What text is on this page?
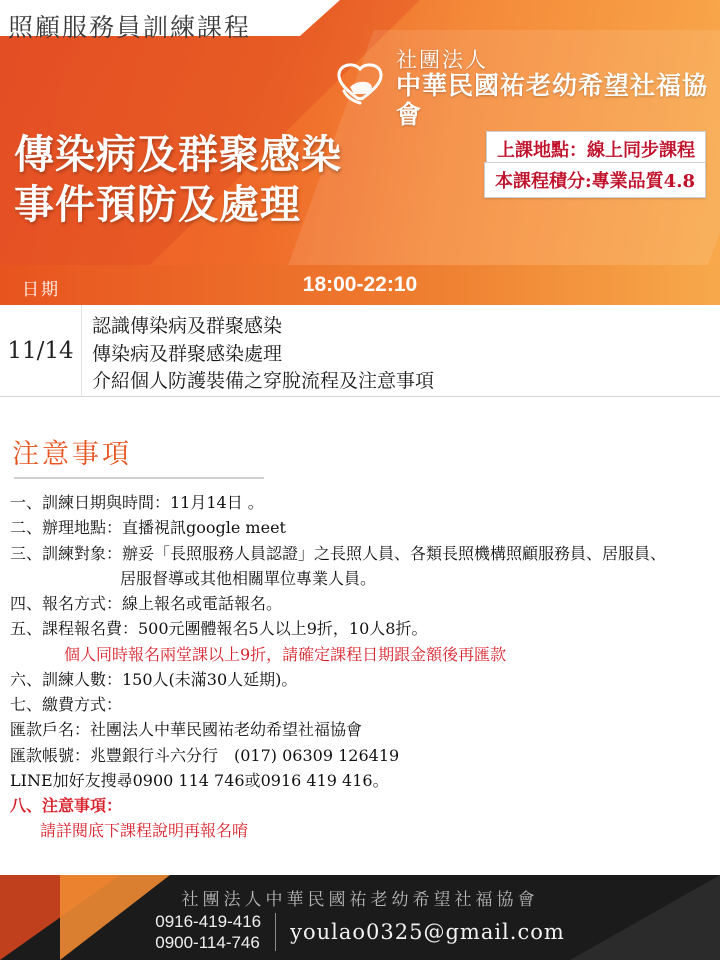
照顧服務員訓練課程
社團法人
中華民國祐老幼希望社福協會
傳染病及群聚感染
事件預防及處理
上課地點：線上同步課程
本課程積分:專業品質4.8
日期	18:00-22:10
11/14
認識傳染病及群聚感染
傳染病及群聚感染處理
介紹個人防護裝備之穿脫流程及注意事項
注意事項
一、訓練日期與時間：11月14日 。
二、辦理地點：直播視訊google meet
三、訓練對象：辦妥「長照服務人員認證」之長照人員、各類長照機構照顧服務員、居服員、
居服督導或其他相關單位專業人員。
四、報名方式：線上報名或電話報名。
五、課程報名費：500元團體報名5人以上9折，10人8折。
個人同時報名兩堂課以上9折，請確定課程日期跟金額後再匯款
六、訓練人數：150人(未滿30人延期)。
七、繳費方式：
匯款戶名：社團法人中華民國祐老幼希望社福協會
匯款帳號：兆豐銀行斗六分行　(017) 06309 126419
LINE加好友搜尋0900 114 746或0916 419 416。
八、注意事項：
請詳閱底下課程說明再報名唷
社團法人中華民國祐老幼希望社福協會
0916-419-416
0900-114-746 youlao0325@gmail.com
